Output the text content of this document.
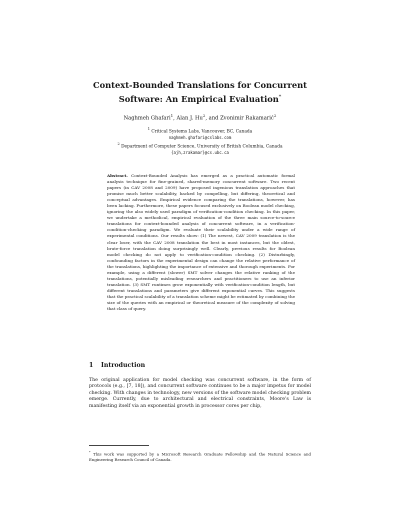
Context-Bounded Translations for Concurrent
Software: An Empirical Evaluation*
Naghmeh Ghafari$^1$, Alan J. Hu$^2$, and Zvonimir Rakamarić$^2$
$^1$ Critical Systems Labs, Vancouver, BC, Canada
naghmeh.ghafari@cslabs.com
$^2$ Department of Computer Science, University of British Columbia, Canada
{ajh,zrakamar}@cs.ubc.ca
Abstract. Context-Bounded Analysis has emerged as a practical automatic formal analysis technique for fine-grained, shared-memory concurrent software. Two recent papers (in CAV 2008 and 2009) have proposed ingenious translation approaches that promise much better scalability, backed by compelling, but differing, theoretical and conceptual advantages. Empirical evidence comparing the translations, however, has been lacking. Furthermore, these papers focused exclusively on Boolean model checking, ignoring the also widely used paradigm of verification-condition checking. In this paper, we undertake a methodical, empirical evaluation of the three main source-to-source translations for context-bounded analysis of concurrent software, in a verification-condition-checking paradigm. We evaluate their scalability under a wide range of experimental conditions. Our results show: (1) The newest, CAV 2009 translation is the clear loser, with the CAV 2008 translation the best in most instances, but the oldest, brute-force translation doing surprisingly well. Clearly, previous results for Boolean model checking do not apply to verification-condition checking. (2) Disturbingly, confounding factors in the experimental design can change the relative performance of the translations, highlighting the importance of extensive and thorough experiments. For example, using a different (slower) SMT solver changes the relative ranking of the translations, potentially misleading researchers and practitioners to use an inferior translation. (3) SMT runtimes grow exponentially with verification-condition length, but different translations and parameters give different exponential curves. This suggests that the practical scalability of a translation scheme might be estimated by combining the size of the queries with an empirical or theoretical measure of the complexity of solving that class of query.
1 Introduction
The original application for model checking was concurrent software, in the form of protocols (e.g., [7, 18]), and concurrent software continues to be a major impetus for model checking. With changes in technology, new versions of the software model checking problem emerge. Currently, due to architectural and electrical constraints, Moore's Law is manifesting itself via an exponential growth in processor cores per chip,
* This work was supported by a Microsoft Research Graduate Fellowship and the Natural Science and Engineering Research Council of Canada.
